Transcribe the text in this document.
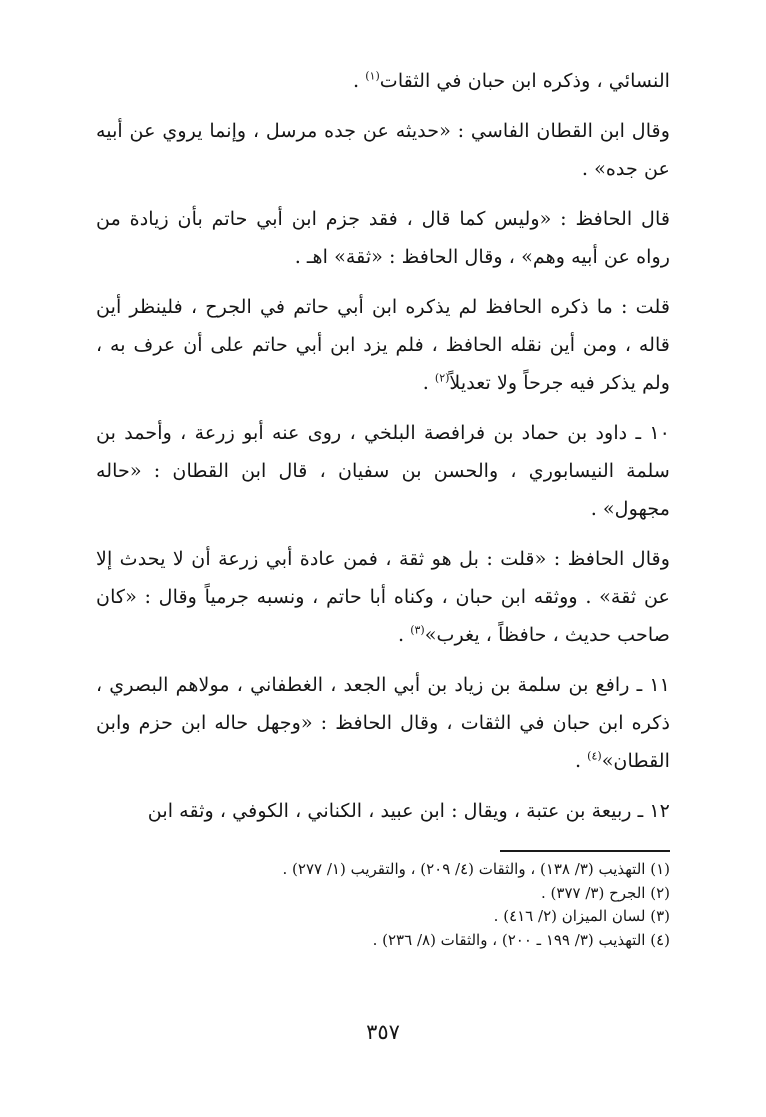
النسائي ، وذكره ابن حبان في الثقات$^{(١)}$ .

وقال ابن القطان الفاسي : «حديثه عن جده مرسل ، وإنما يروي عن أبيه عن جده» .

قال الحافظ : «وليس كما قال ، فقد جزم ابن أبي حاتم بأن زيادة من رواه عن أبيه وهم» ، وقال الحافظ : «ثقة» اهـ .

قلت : ما ذكره الحافظ لم يذكره ابن أبي حاتم في الجرح ، فلينظر أين قاله ، ومن أين نقله الحافظ ، فلم يزد ابن أبي حاتم على أن عرف به ، ولم يذكر فيه جرحاً ولا تعديلاً$^{(٢)}$ .

١٠ ـ داود بن حماد بن فرافصة البلخي ، روى عنه أبو زرعة ، وأحمد بن سلمة النيسابوري ، والحسن بن سفيان ، قال ابن القطان : «حاله مجهول» .

وقال الحافظ : «قلت : بل هو ثقة ، فمن عادة أبي زرعة أن لا يحدث إلا عن ثقة» . ووثقه ابن حبان ، وكناه أبا حاتم ، ونسبه جرمياً وقال : «كان صاحب حديث ، حافظاً ، يغرب»$^{(٣)}$ .

١١ ـ رافع بن سلمة بن زياد بن أبي الجعد ، الغطفاني ، مولاهم البصري ، ذكره ابن حبان في الثقات ، وقال الحافظ : «وجهل حاله ابن حزم وابن القطان»$^{(٤)}$ .

١٢ ـ ربيعة بن عتبة ، ويقال : ابن عبيد ، الكناني ، الكوفي ، وثقه ابن

(١) التهذيب (٣/ ١٣٨) ، والثقات (٤/ ٢٠٩) ، والتقريب (١/ ٢٧٧) .

(٢) الجرح (٣/ ٣٧٧) .

(٣) لسان الميزان (٢/ ٤١٦) .

(٤) التهذيب (٣/ ١٩٩ ـ ٢٠٠) ، والثقات (٨/ ٢٣٦) .

٣٥٧
